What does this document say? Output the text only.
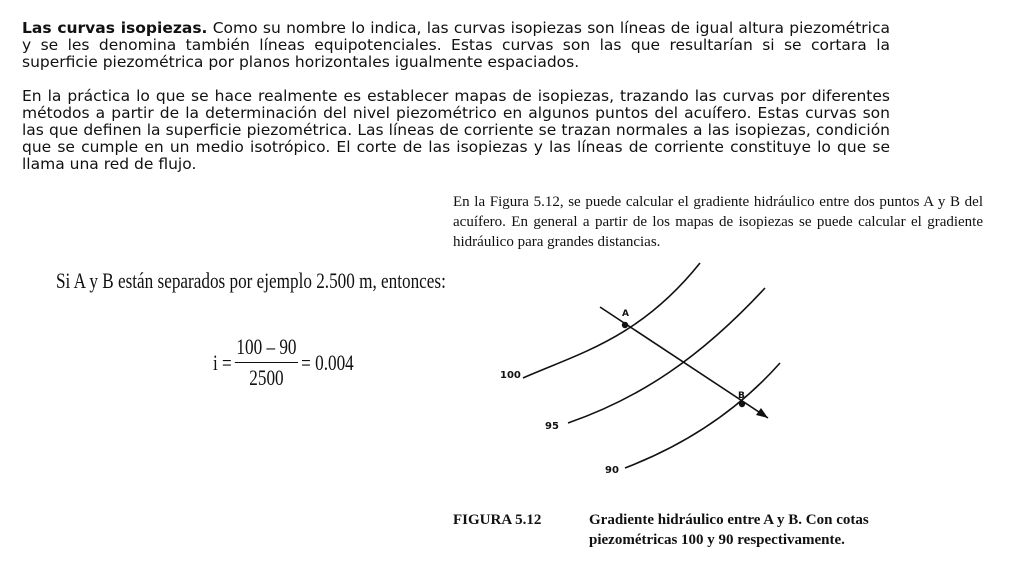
Las curvas isopiezas. Como su nombre lo indica, las curvas isopiezas son líneas de igual altura piezométrica y se les denomina también líneas equipotenciales. Estas curvas son las que resultarían si se cortara la superficie piezométrica por planos horizontales igualmente espaciados.
En la práctica lo que se hace realmente es establecer mapas de isopiezas, trazando las curvas por diferentes métodos a partir de la determinación del nivel piezométrico en algunos puntos del acuífero. Estas curvas son las que definen la superficie piezométrica. Las líneas de corriente se trazan normales a las isopiezas, condición que se cumple en un medio isotrópico. El corte de las isopiezas y las líneas de corriente constituye lo que se llama una red de flujo.
En la Figura 5.12, se puede calcular el gradiente hidráulico entre dos puntos A y B del acuífero. En general a partir de los mapas de isopiezas se puede calcular el gradiente hidráulico para grandes distancias.
Si A y B están separados por ejemplo 2.500 m, entonces:
$i = \frac{100 - 90}{2500} = 0.004$
A
B
100
95
90
FIGURA 5.12	Gradiente hidráulico entre A y B. Con cotas
piezométricas 100 y 90 respectivamente.
